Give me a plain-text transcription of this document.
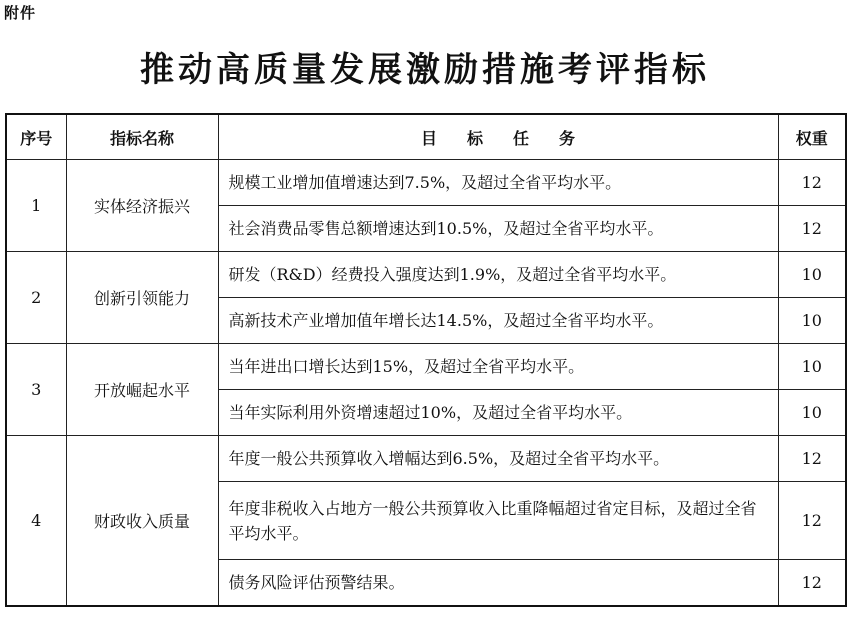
附件
推动高质量发展激励措施考评指标
序号	指标名称	目标任务	权重
1	实体经济振兴	规模工业增加值增速达到7.5%，及超过全省平均水平。	12
		社会消费品零售总额增速达到10.5%，及超过全省平均水平。	12
2	创新引领能力	研发（R&D）经费投入强度达到1.9%，及超过全省平均水平。	10
		高新技术产业增加值年增长达14.5%，及超过全省平均水平。	10
3	开放崛起水平	当年进出口增长达到15%，及超过全省平均水平。	10
		当年实际利用外资增速超过10%，及超过全省平均水平。	10
4	财政收入质量	年度一般公共预算收入增幅达到6.5%，及超过全省平均水平。	12
		年度非税收入占地方一般公共预算收入比重降幅超过省定目标，及超过全省平均水平。	12
		债务风险评估预警结果。	12
